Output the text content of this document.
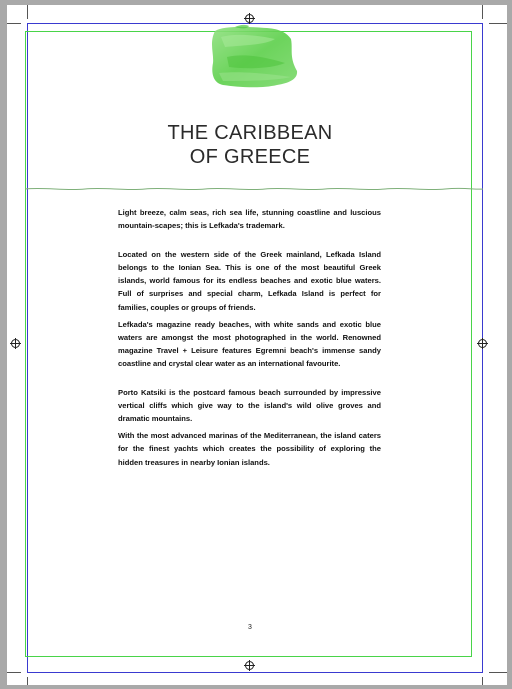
THE CARIBBEAN
OF GREECE

Light breeze, calm seas, rich sea life, stunning coastline and luscious mountain-scapes; this is Lefkada's trademark.

Located on the western side of the Greek mainland, Lefkada Island belongs to the Ionian Sea. This is one of the most beautiful Greek islands, world famous for its endless beaches and exotic blue waters. Full of surprises and special charm, Lefkada Island is perfect for families, couples or groups of friends.

Lefkada's magazine ready beaches, with white sands and exotic blue waters are amongst the most photographed in the world. Renowned magazine Travel + Leisure features Egremni beach's immense sandy coastline and crystal clear water as an international favourite.

Porto Katsiki is the postcard famous beach surrounded by impressive vertical cliffs which give way to the island's wild olive groves and dramatic mountains.

With the most advanced marinas of the Mediterranean, the island caters for the finest yachts which creates the possibility of exploring the hidden treasures in nearby Ionian islands.

3
